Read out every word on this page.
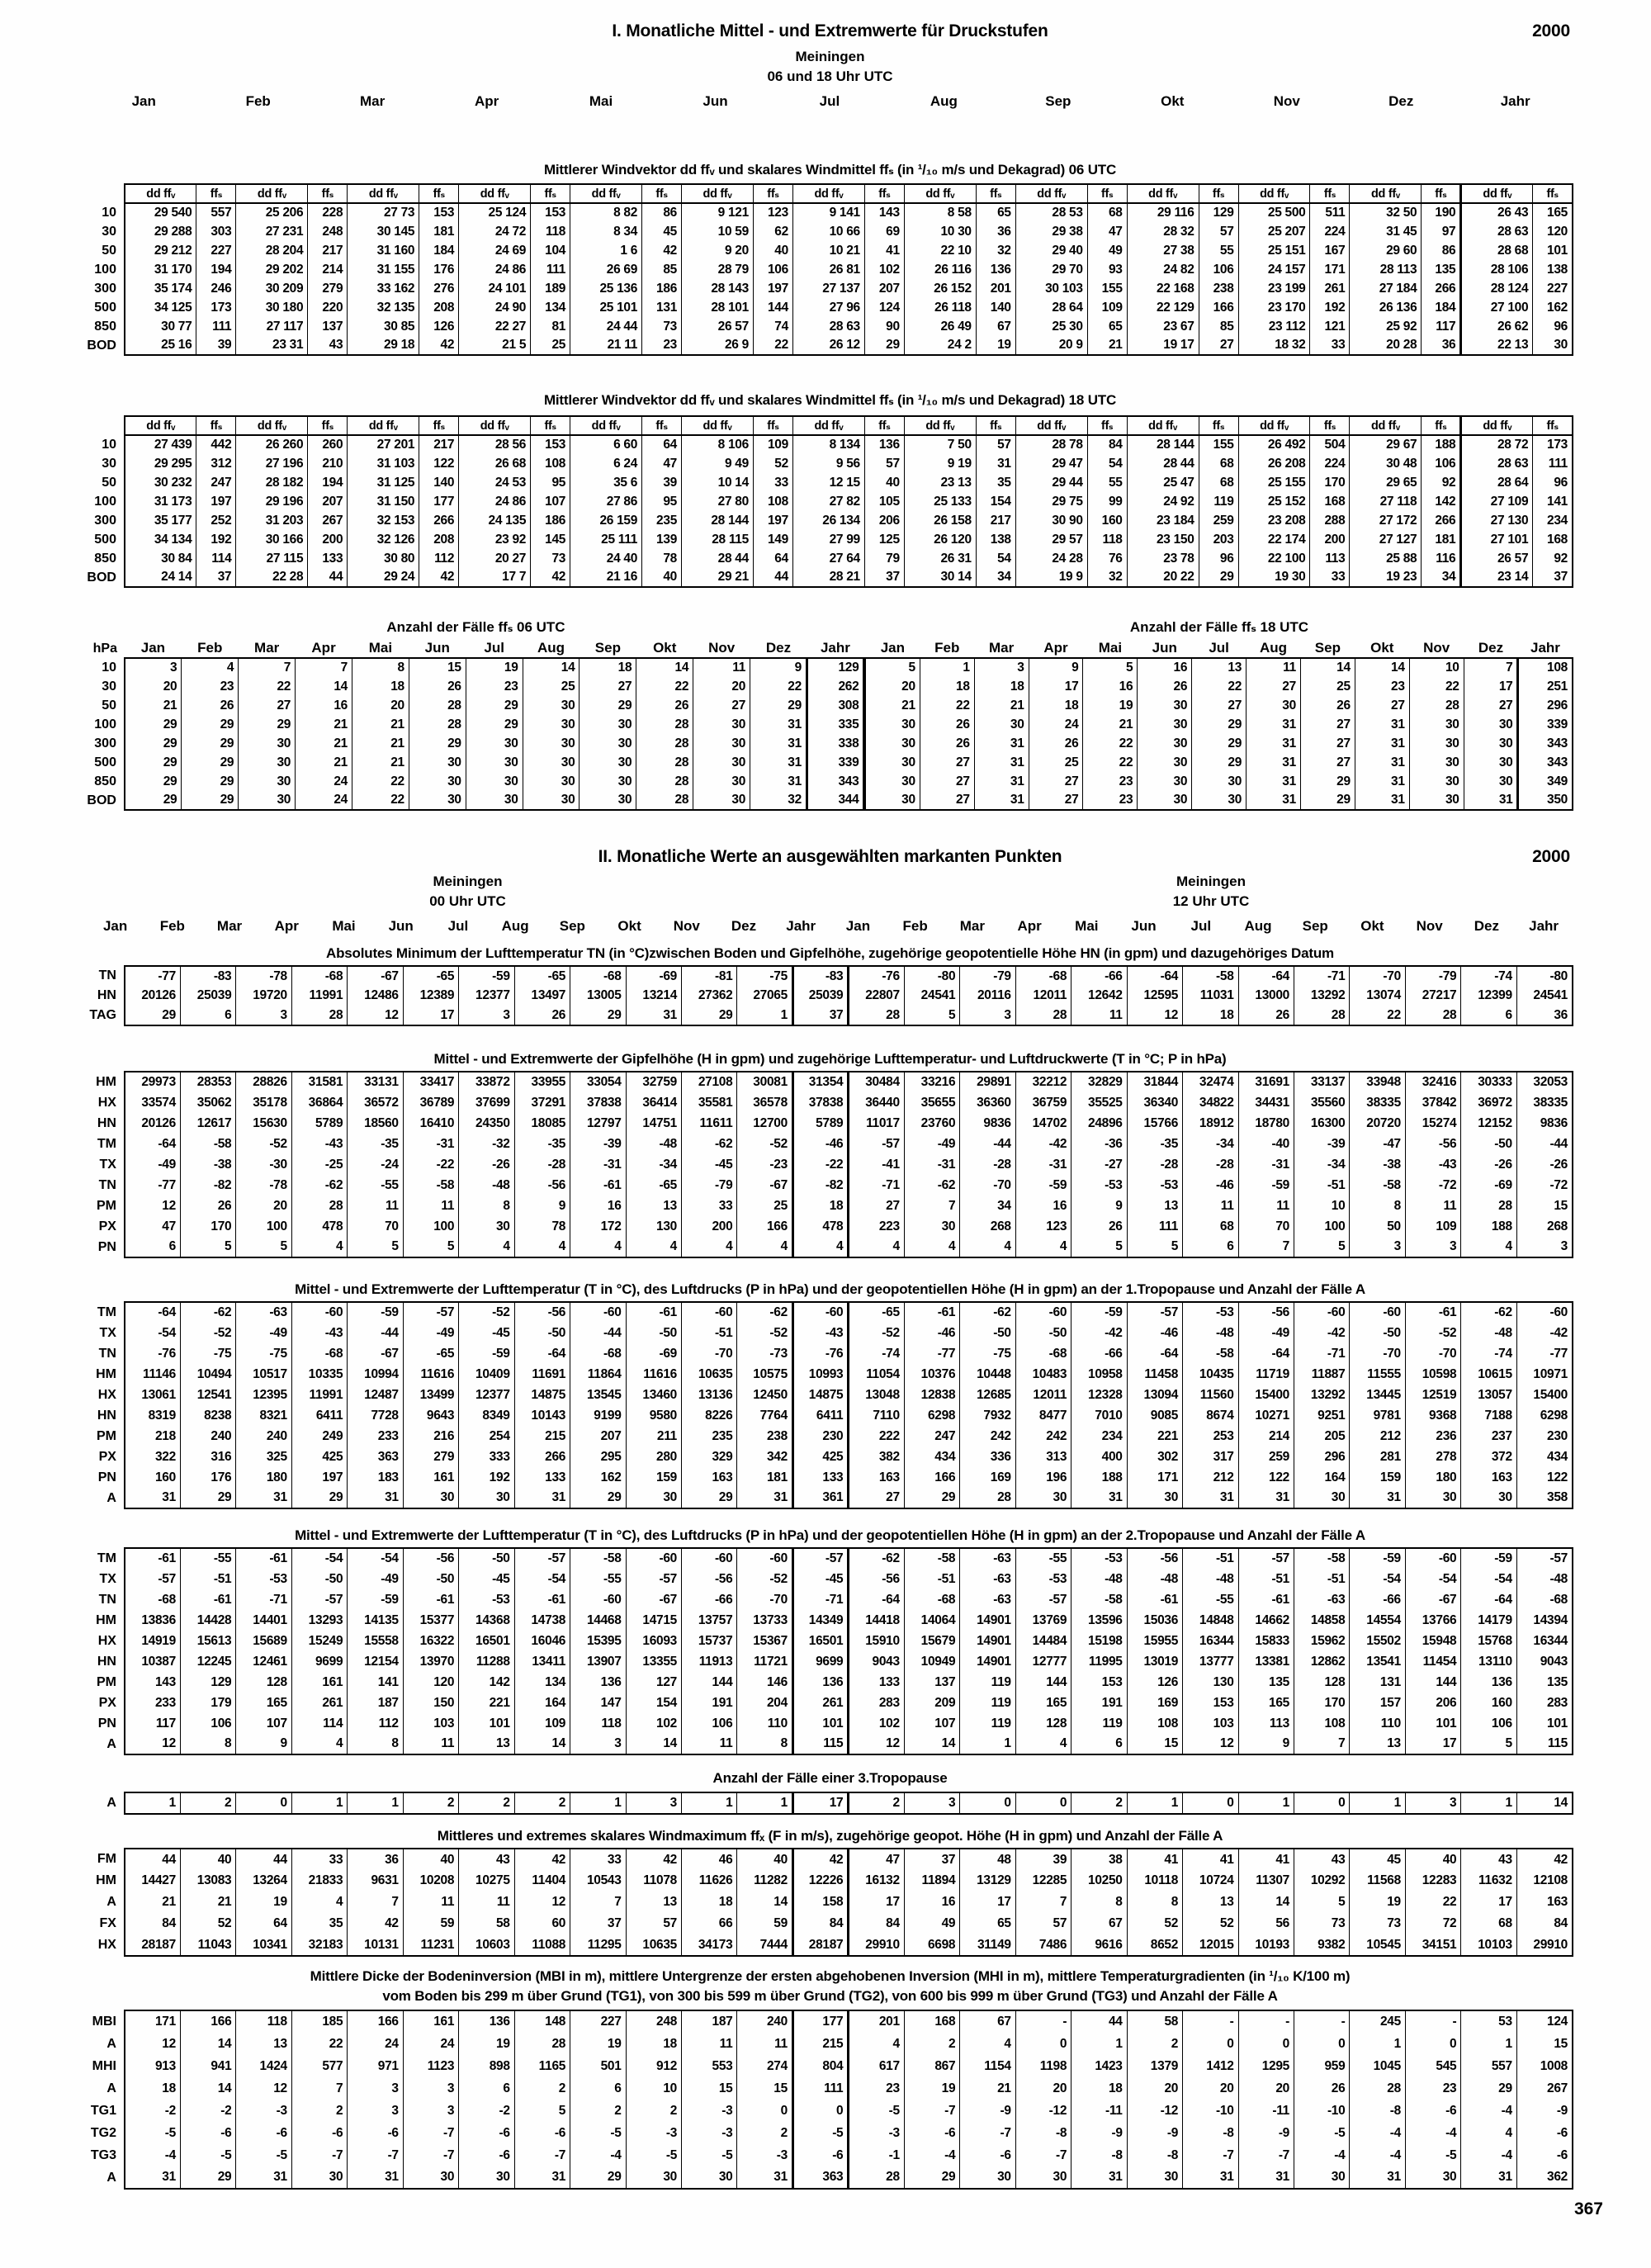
I. Monatliche Mittel - und Extremwerte für Druckstufen	2000
Meiningen
06 und 18 Uhr UTC
Jan	Feb	Mar	Apr	Mai	Jun	Jul	Aug	Sep	Okt	Nov	Dez	Jahr
Mittlerer Windvektor dd ffᵥ und skalares Windmittel ffₛ (in ¹/₁₀ m/s und Dekagrad) 06 UTC
	dd ffᵥ	ffₛ	dd ffᵥ	ffₛ	dd ffᵥ	ffₛ	dd ffᵥ	ffₛ	dd ffᵥ	ffₛ	dd ffᵥ	ffₛ	dd ffᵥ	ffₛ	dd ffᵥ	ffₛ	dd ffᵥ	ffₛ	dd ffᵥ	ffₛ	dd ffᵥ	ffₛ	dd ffᵥ	ffₛ	dd ffᵥ	ffₛ
10	29 540	557	25 206	228	27 73	153	25 124	153	8 82	86	9 121	123	9 141	143	8 58	65	28 53	68	29 116	129	25 500	511	32 50	190	26 43	165
30	29 288	303	27 231	248	30 145	181	24 72	118	8 34	45	10 59	62	10 66	69	10 30	36	29 38	47	28 32	57	25 207	224	31 45	97	28 63	120
50	29 212	227	28 204	217	31 160	184	24 69	104	1 6	42	9 20	40	10 21	41	22 10	32	29 40	49	27 38	55	25 151	167	29 60	86	28 68	101
100	31 170	194	29 202	214	31 155	176	24 86	111	26 69	85	28 79	106	26 81	102	26 116	136	29 70	93	24 82	106	24 157	171	28 113	135	28 106	138
300	35 174	246	30 209	279	33 162	276	24 101	189	25 136	186	28 143	197	27 137	207	26 152	201	30 103	155	22 168	238	23 199	261	27 184	266	28 124	227
500	34 125	173	30 180	220	32 135	208	24 90	134	25 101	131	28 101	144	27 96	124	26 118	140	28 64	109	22 129	166	23 170	192	26 136	184	27 100	162
850	30 77	111	27 117	137	30 85	126	22 27	81	24 44	73	26 57	74	28 63	90	26 49	67	25 30	65	23 67	85	23 112	121	25 92	117	26 62	96
BOD	25 16	39	23 31	43	29 18	42	21 5	25	21 11	23	26 9	22	26 12	29	24 2	19	20 9	21	19 17	27	18 32	33	20 28	36	22 13	30
Mittlerer Windvektor dd ffᵥ und skalares Windmittel ffₛ (in ¹/₁₀ m/s und Dekagrad) 18 UTC
	dd ffᵥ	ffₛ	dd ffᵥ	ffₛ	dd ffᵥ	ffₛ	dd ffᵥ	ffₛ	dd ffᵥ	ffₛ	dd ffᵥ	ffₛ	dd ffᵥ	ffₛ	dd ffᵥ	ffₛ	dd ffᵥ	ffₛ	dd ffᵥ	ffₛ	dd ffᵥ	ffₛ	dd ffᵥ	ffₛ	dd ffᵥ	ffₛ
10	27 439	442	26 260	260	27 201	217	28 56	153	6 60	64	8 106	109	8 134	136	7 50	57	28 78	84	28 144	155	26 492	504	29 67	188	28 72	173
30	29 295	312	27 196	210	31 103	122	26 68	108	6 24	47	9 49	52	9 56	57	9 19	31	29 47	54	28 44	68	26 208	224	30 48	106	28 63	111
50	30 232	247	28 182	194	31 125	140	24 53	95	35 6	39	10 14	33	12 15	40	23 13	35	29 44	55	25 47	68	25 155	170	29 65	92	28 64	96
100	31 173	197	29 196	207	31 150	177	24 86	107	27 86	95	27 80	108	27 82	105	25 133	154	29 75	99	24 92	119	25 152	168	27 118	142	27 109	141
300	35 177	252	31 203	267	32 153	266	24 135	186	26 159	235	28 144	197	26 134	206	26 158	217	30 90	160	23 184	259	23 208	288	27 172	266	27 130	234
500	34 134	192	30 166	200	32 126	208	23 92	145	25 111	139	28 115	149	27 99	125	26 120	138	29 57	118	23 150	203	22 174	200	27 127	181	27 101	168
850	30 84	114	27 115	133	30 80	112	20 27	73	24 40	78	28 44	64	27 64	79	26 31	54	24 28	76	23 78	96	22 100	113	25 88	116	26 57	92
BOD	24 14	37	22 28	44	29 24	42	17 7	42	21 16	40	29 21	44	28 21	37	30 14	34	19 9	32	20 22	29	19 30	33	19 23	34	23 14	37
Anzahl der Fälle ffₛ 06 UTC	Anzahl der Fälle ffₛ 18 UTC
hPa	Jan	Feb	Mar	Apr	Mai	Jun	Jul	Aug	Sep	Okt	Nov	Dez	Jahr
10	3	4	7	7	8	15	19	14	18	14	11	9	129
30	20	23	22	14	18	26	23	25	27	22	20	22	262
50	21	26	27	16	20	28	29	30	29	26	27	29	308
100	29	29	29	21	21	28	29	30	30	28	30	31	335
300	29	29	30	21	21	29	30	30	30	28	30	31	338
500	29	29	30	21	21	30	30	30	30	28	30	31	339
850	29	29	30	24	22	30	30	30	30	28	30	31	343
BOD	29	29	30	24	22	30	30	30	30	28	30	32	344
Jan	Feb	Mar	Apr	Mai	Jun	Jul	Aug	Sep	Okt	Nov	Dez	Jahr
5	1	3	9	5	16	13	11	14	14	10	7	108
20	18	18	17	16	26	22	27	25	23	22	17	251
21	22	21	18	19	30	27	30	26	27	28	27	296
30	26	30	24	21	30	29	31	27	31	30	30	339
30	26	31	26	22	30	29	31	27	31	30	30	343
30	27	31	25	22	30	29	31	27	31	30	30	343
30	27	31	27	23	30	30	31	29	31	30	30	349
30	27	31	27	23	30	30	31	29	31	30	31	350
II. Monatliche Werte an ausgewählten markanten Punkten	2000
Meiningen
00 Uhr UTC
Meiningen
12 Uhr UTC
Jan	Feb	Mar	Apr	Mai	Jun	Jul	Aug	Sep	Okt	Nov	Dez	Jahr	Jan	Feb	Mar	Apr	Mai	Jun	Jul	Aug	Sep	Okt	Nov	Dez	Jahr
Absolutes Minimum der Lufttemperatur TN (in °C)zwischen Boden und Gipfelhöhe, zugehörige geopotentielle Höhe HN (in gpm) und dazugehöriges Datum
TN	-77	-83	-78	-68	-67	-65	-59	-65	-68	-69	-81	-75	-83	-76	-80	-79	-68	-66	-64	-58	-64	-71	-70	-79	-74	-80
HN	20126	25039	19720	11991	12486	12389	12377	13497	13005	13214	27362	27065	25039	22807	24541	20116	12011	12642	12595	11031	13000	13292	13074	27217	12399	24541
TAG	29	6	3	28	12	17	3	26	29	31	29	1	37	28	5	3	28	11	12	18	26	28	22	28	6	36
Mittel - und Extremwerte der Gipfelhöhe (H in gpm) und zugehörige Lufttemperatur- und Luftdruckwerte (T in °C; P in hPa)
HM	29973	28353	28826	31581	33131	33417	33872	33955	33054	32759	27108	30081	31354	30484	33216	29891	32212	32829	31844	32474	31691	33137	33948	32416	30333	32053
HX	33574	35062	35178	36864	36572	36789	37699	37291	37838	36414	35581	36578	37838	36440	35655	36360	36759	35525	36340	34822	34431	35560	38335	37842	36972	38335
HN	20126	12617	15630	5789	18560	16410	24350	18085	12797	14751	11611	12700	5789	11017	23760	9836	14702	24896	15766	18912	18780	16300	20720	15274	12152	9836
TM	-64	-58	-52	-43	-35	-31	-32	-35	-39	-48	-62	-52	-46	-57	-49	-44	-42	-36	-35	-34	-40	-39	-47	-56	-50	-44
TX	-49	-38	-30	-25	-24	-22	-26	-28	-31	-34	-45	-23	-22	-41	-31	-28	-31	-27	-28	-28	-31	-34	-38	-43	-26	-26
TN	-77	-82	-78	-62	-55	-58	-48	-56	-61	-65	-79	-67	-82	-71	-62	-70	-59	-53	-53	-46	-59	-51	-58	-72	-69	-72
PM	12	26	20	28	11	11	8	9	16	13	33	25	18	27	7	34	16	9	13	11	11	10	8	11	28	15
PX	47	170	100	478	70	100	30	78	172	130	200	166	478	223	30	268	123	26	111	68	70	100	50	109	188	268
PN	6	5	5	4	5	5	4	4	4	4	4	4	4	4	4	4	4	5	5	6	7	5	3	3	4	3
Mittel - und Extremwerte der Lufttemperatur (T in °C), des Luftdrucks (P in hPa) und der geopotentiellen Höhe (H in gpm) an der 1.Tropopause und Anzahl der Fälle A
TM	-64	-62	-63	-60	-59	-57	-52	-56	-60	-61	-60	-62	-60	-65	-61	-62	-60	-59	-57	-53	-56	-60	-60	-61	-62	-60
TX	-54	-52	-49	-43	-44	-49	-45	-50	-44	-50	-51	-52	-43	-52	-46	-50	-50	-42	-46	-48	-49	-42	-50	-52	-48	-42
TN	-76	-75	-75	-68	-67	-65	-59	-64	-68	-69	-70	-73	-76	-74	-77	-75	-68	-66	-64	-58	-64	-71	-70	-70	-74	-77
HM	11146	10494	10517	10335	10994	11616	10409	11691	11864	11616	10635	10575	10993	11054	10376	10448	10483	10958	11458	10435	11719	11887	11555	10598	10615	10971
HX	13061	12541	12395	11991	12487	13499	12377	14875	13545	13460	13136	12450	14875	13048	12838	12685	12011	12328	13094	11560	15400	13292	13445	12519	13057	15400
HN	8319	8238	8321	6411	7728	9643	8349	10143	9199	9580	8226	7764	6411	7110	6298	7932	8477	7010	9085	8674	10271	9251	9781	9368	7188	6298
PM	218	240	240	249	233	216	254	215	207	211	235	238	230	222	247	242	242	234	221	253	214	205	212	236	237	230
PX	322	316	325	425	363	279	333	266	295	280	329	342	425	382	434	336	313	400	302	317	259	296	281	278	372	434
PN	160	176	180	197	183	161	192	133	162	159	163	181	133	163	166	169	196	188	171	212	122	164	159	180	163	122
A	31	29	31	29	31	30	30	31	29	30	29	31	361	27	29	28	30	31	30	31	31	30	31	30	30	358
Mittel - und Extremwerte der Lufttemperatur (T in °C), des Luftdrucks (P in hPa) und der geopotentiellen Höhe (H in gpm) an der 2.Tropopause und Anzahl der Fälle A
TM	-61	-55	-61	-54	-54	-56	-50	-57	-58	-60	-60	-60	-57	-62	-58	-63	-55	-53	-56	-51	-57	-58	-59	-60	-59	-57
TX	-57	-51	-53	-50	-49	-50	-45	-54	-55	-57	-56	-52	-45	-56	-51	-63	-53	-48	-48	-48	-51	-51	-54	-54	-54	-48
TN	-68	-61	-71	-57	-59	-61	-53	-61	-60	-67	-66	-70	-71	-64	-68	-63	-57	-58	-61	-55	-61	-63	-66	-67	-64	-68
HM	13836	14428	14401	13293	14135	15377	14368	14738	14468	14715	13757	13733	14349	14418	14064	14901	13769	13596	15036	14848	14662	14858	14554	13766	14179	14394
HX	14919	15613	15689	15249	15558	16322	16501	16046	15395	16093	15737	15367	16501	15910	15679	14901	14484	15198	15955	16344	15833	15962	15502	15948	15768	16344
HN	10387	12245	12461	9699	12154	13970	11288	13411	13907	13355	11913	11721	9699	9043	10949	14901	12777	11995	13019	13777	13381	12862	13541	11454	13110	9043
PM	143	129	128	161	141	120	142	134	136	127	144	146	136	133	137	119	144	153	126	130	135	128	131	144	136	135
PX	233	179	165	261	187	150	221	164	147	154	191	204	261	283	209	119	165	191	169	153	165	170	157	206	160	283
PN	117	106	107	114	112	103	101	109	118	102	106	110	101	102	107	119	128	119	108	103	113	108	110	101	106	101
A	12	8	9	4	8	11	13	14	3	14	11	8	115	12	14	1	4	6	15	12	9	7	13	17	5	115
Anzahl der Fälle einer 3.Tropopause
A	1	2	0	1	1	2	2	2	1	3	1	1	17	2	3	0	0	2	1	0	1	0	1	3	1	14
Mittleres und extremes skalares Windmaximum ffₓ (F in m/s), zugehörige geopot. Höhe (H in gpm) und Anzahl der Fälle A
FM	44	40	44	33	36	40	43	42	33	42	46	40	42	47	37	48	39	38	41	41	41	43	45	40	43	42
HM	14427	13083	13264	21833	9631	10208	10275	11404	10543	11078	11626	11282	12226	16132	11894	13129	12285	10250	10118	10724	11307	10292	11568	12283	11632	12108
A	21	21	19	4	7	11	11	12	7	13	18	14	158	17	16	17	7	8	8	13	14	5	19	22	17	163
FX	84	52	64	35	42	59	58	60	37	57	66	59	84	84	49	65	57	67	52	52	56	73	73	72	68	84
HX	28187	11043	10341	32183	10131	11231	10603	11088	11295	10635	34173	7444	28187	29910	6698	31149	7486	9616	8652	12015	10193	9382	10545	34151	10103	29910
Mittlere Dicke der Bodeninversion (MBI in m), mittlere Untergrenze der ersten abgehobenen Inversion (MHI in m), mittlere Temperaturgradienten (in ¹/₁₀ K/100 m)
vom Boden bis 299 m über Grund (TG1), von 300 bis 599 m über Grund (TG2), von 600 bis 999 m über Grund (TG3) und Anzahl der Fälle A
MBI	171	166	118	185	166	161	136	148	227	248	187	240	177	201	168	67	-	44	58	-	-	-	245	-	53	124
A	12	14	13	22	24	24	19	28	19	18	11	11	215	4	2	4	0	1	2	0	0	0	1	0	1	15
MHI	913	941	1424	577	971	1123	898	1165	501	912	553	274	804	617	867	1154	1198	1423	1379	1412	1295	959	1045	545	557	1008
A	18	14	12	7	3	3	6	2	6	10	15	15	111	23	19	21	20	18	20	20	20	26	28	23	29	267
TG1	-2	-2	-3	2	3	3	-2	5	2	2	-3	0	0	-5	-7	-9	-12	-11	-12	-10	-11	-10	-8	-6	-4	-9
TG2	-5	-6	-6	-6	-6	-7	-6	-6	-5	-3	-3	2	-5	-3	-6	-7	-8	-9	-9	-8	-9	-5	-4	-4	4	-6
TG3	-4	-5	-5	-7	-7	-7	-6	-7	-4	-5	-5	-3	-6	-1	-4	-6	-7	-8	-8	-7	-7	-4	-4	-5	-4	-6
A	31	29	31	30	31	30	30	31	29	30	30	31	363	28	29	30	30	31	30	31	31	30	31	30	31	362
367
